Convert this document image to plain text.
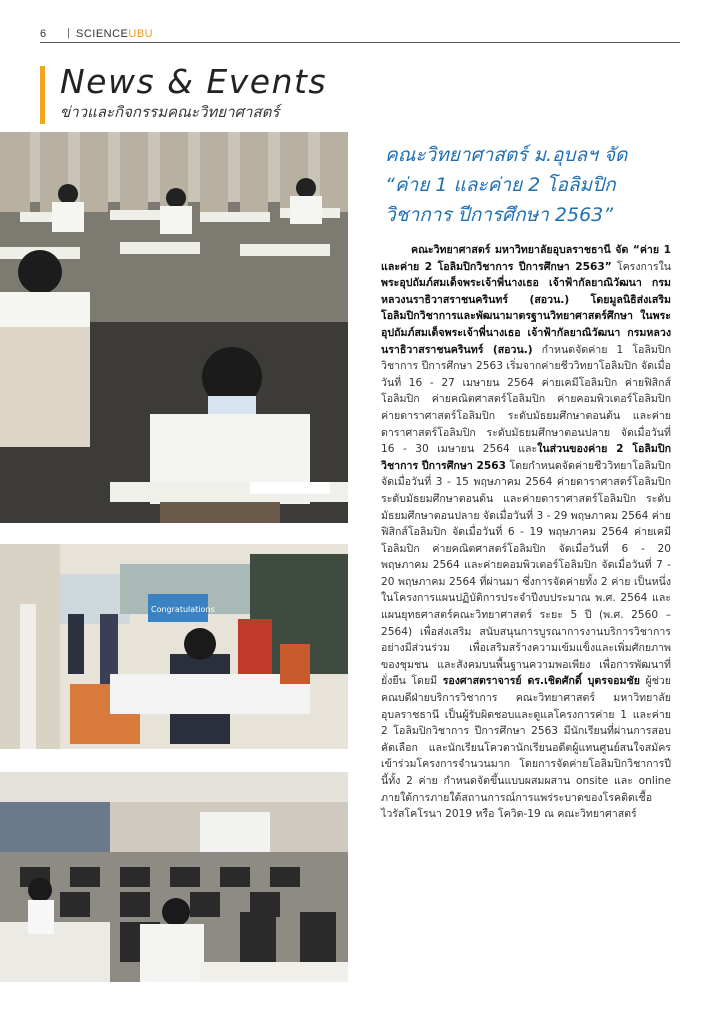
6 | SCIENCEUBU
News & Events
ข่าวและกิจกรรมคณะวิทยาศาสตร์
Congratulations
คณะวิทยาศาสตร์ ม.อุบลฯ จัด
“ค่าย 1 และค่าย 2 โอลิมปิก
วิชาการ ปีการศึกษา 2563”
คณะวิทยาศาสตร์ มหาวิทยาลัยอุบลราชธานี จัด “ค่าย 1 และค่าย 2 โอลิมปิกวิชาการ ปีการศึกษา 2563” โครงการในพระอุปถัมภ์สมเด็จพระเจ้าพี่นางเธอ เจ้าฟ้ากัลยาณิวัฒนา กรมหลวงนราธิวาสราชนครินทร์ (สอวน.) โดยมูลนิธิส่งเสริมโอลิมปิกวิชาการและพัฒนามาตรฐานวิทยาศาสตร์ศึกษา ในพระอุปถัมภ์สมเด็จพระเจ้าพี่นางเธอ เจ้าฟ้ากัลยาณิวัฒนา กรมหลวงนราธิวาสราชนครินทร์ (สอวน.) กำหนดจัดค่าย 1 โอลิมปิกวิชาการ ปีการศึกษา 2563 เริ่มจากค่ายชีววิทยาโอลิมปิก จัดเมื่อวันที่ 16 - 27 เมษายน 2564 ค่ายเคมีโอลิมปิก ค่ายฟิสิกส์โอลิมปิก ค่ายคณิตศาสตร์โอลิมปิก ค่ายคอมพิวเตอร์โอลิมปิก ค่ายดาราศาสตร์โอลิมปิก ระดับมัธยมศึกษาตอนต้น และค่ายดาราศาสตร์โอลิมปิก ระดับมัธยมศึกษาตอนปลาย จัดเมื่อวันที่ 16 - 30 เมษายน 2564 และในส่วนของค่าย 2 โอลิมปิกวิชาการ ปีการศึกษา 2563 โดยกำหนดจัดค่ายชีววิทยาโอลิมปิก จัดเมื่อวันที่ 3 - 15 พฤษภาคม 2564 ค่ายดาราศาสตร์โอลิมปิก ระดับมัธยมศึกษาตอนต้น และค่ายดาราศาสตร์โอลิมปิก ระดับมัธยมศึกษาตอนปลาย จัดเมื่อวันที่ 3 - 29 พฤษภาคม 2564 ค่ายฟิสิกส์โอลิมปิก จัดเมื่อวันที่ 6 - 19 พฤษภาคม 2564 ค่ายเคมีโอลิมปิก ค่ายคณิตศาสตร์โอลิมปิก จัดเมื่อวันที่ 6 - 20 พฤษภาคม 2564 และค่ายคอมพิวเตอร์โอลิมปิก จัดเมื่อวันที่ 7 - 20 พฤษภาคม 2564 ที่ผ่านมา ซึ่งการจัดค่ายทั้ง 2 ค่าย เป็นหนึ่งในโครงการแผนปฏิบัติการประจำปีงบประมาณ พ.ศ. 2564 และแผนยุทธศาสตร์คณะวิทยาศาสตร์ ระยะ 5 ปี (พ.ศ. 2560 – 2564) เพื่อส่งเสริม สนับสนุนการบูรณาการงานบริการวิชาการอย่างมีส่วนร่วม เพื่อเสริมสร้างความเข้มแข็งและเพิ่มศักยภาพของชุมชน และสังคมบนพื้นฐานความพอเพียง เพื่อการพัฒนาที่ยั่งยืน โดยมี รองศาสตราจารย์ ดร.เชิดศักดิ์ บุตรจอมชัย ผู้ช่วยคณบดีฝ่ายบริการวิชาการ คณะวิทยาศาสตร์ มหาวิทยาลัยอุบลราชธานี เป็นผู้รับผิดชอบและดูแลโครงการค่าย 1 และค่าย 2 โอลิมปิกวิชาการ ปีการศึกษา 2563 มีนักเรียนที่ผ่านการสอบคัดเลือก และนักเรียนโควตานักเรียนอดีตผู้แทนศูนย์สนใจสมัครเข้าร่วมโครงการจำนวนมาก โดยการจัดค่ายโอลิมปิกวิชาการปีนี้ทั้ง 2 ค่าย กำหนดจัดขึ้นแบบผสมผสาน onsite และ online ภายใต้การภายใต้สถานการณ์การแพร่ระบาดของโรคติดเชื้อไวรัสโคโรนา 2019 หรือ โควิด-19 ณ คณะวิทยาศาสตร์
